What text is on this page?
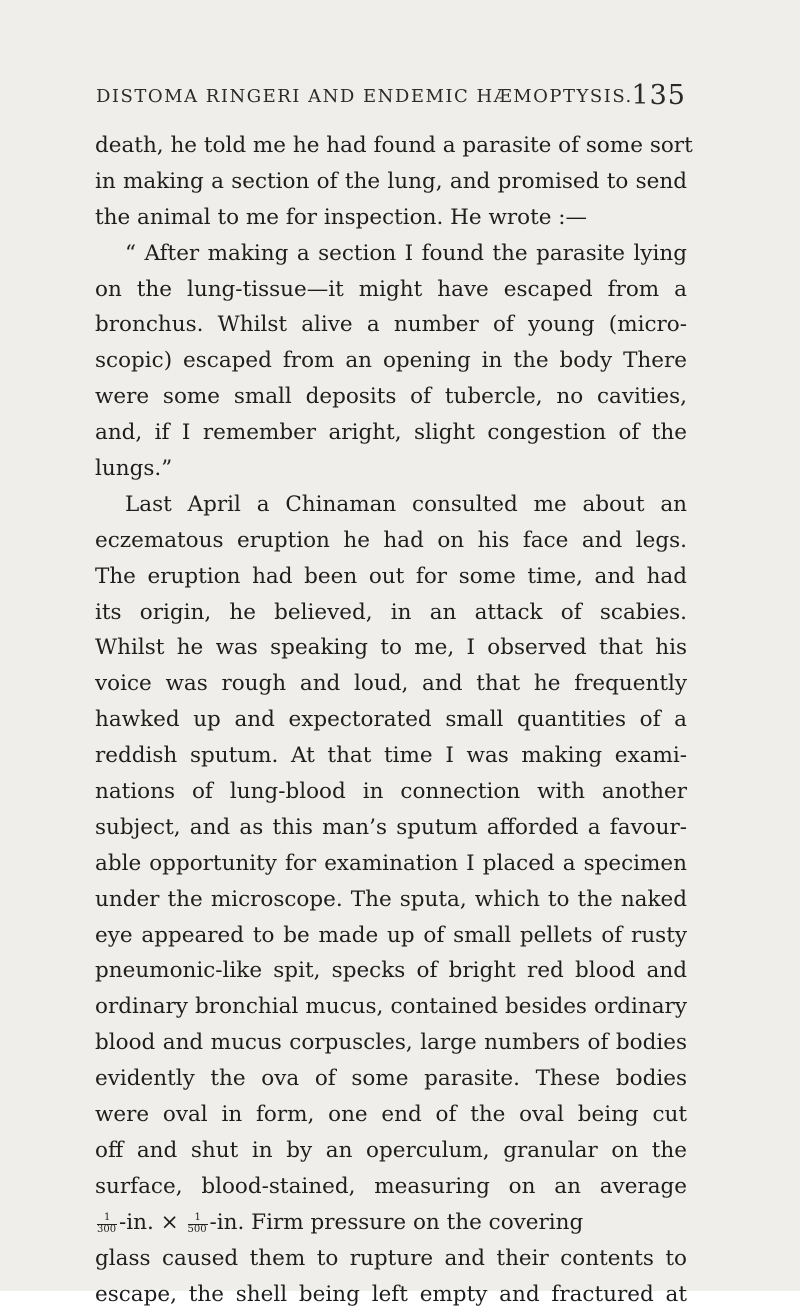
DISTOMA RINGERI AND ENDEMIC HÆMOPTYSIS.
135
death, he told me he had found a parasite of some sort
in making a section of the lung, and promised to send
the animal to me for inspection. He wrote :—
“ After making a section I found the parasite lying
on the lung-tissue—it might have escaped from a
bronchus. Whilst alive a number of young (micro-
scopic) escaped from an opening in the body There
were some small deposits of tubercle, no cavities,
and, if I remember aright, slight congestion of the
lungs.”
Last April a Chinaman consulted me about an
eczematous eruption he had on his face and legs.
The eruption had been out for some time, and had
its origin, he believed, in an attack of scabies.
Whilst he was speaking to me, I observed that his
voice was rough and loud, and that he frequently
hawked up and expectorated small quantities of a
reddish sputum. At that time I was making exami-
nations of lung-blood in connection with another
subject, and as this man’s sputum afforded a favour-
able opportunity for examination I placed a specimen
under the microscope. The sputa, which to the naked
eye appeared to be made up of small pellets of rusty
pneumonic-like spit, specks of bright red blood and
ordinary bronchial mucus, contained besides ordinary
blood and mucus corpuscles, large numbers of bodies
evidently the ova of some parasite. These bodies
were oval in form, one end of the oval being cut
off and shut in by an operculum, granular on the
surface, blood-stained, measuring on an average
$\frac{1}{300} -in$. × $\frac{1}{500} -in$. Firm pressure on the covering
glass caused them to rupture and their contents to
escape, the shell being left empty and fractured at
